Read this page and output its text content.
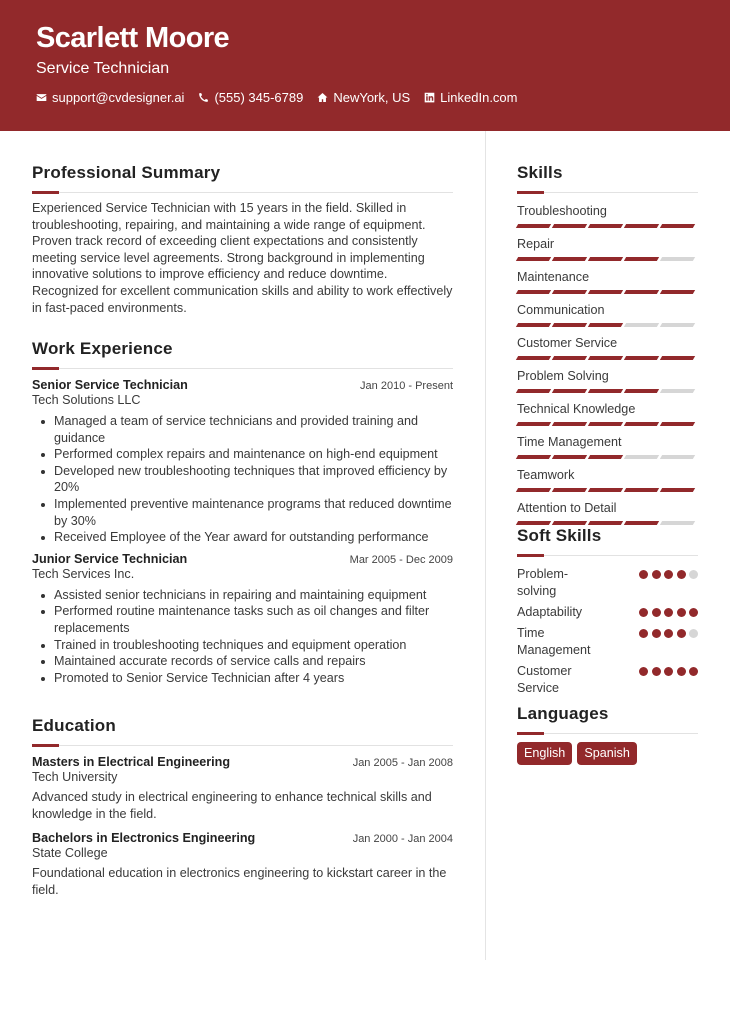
Scarlett Moore
Service Technician
support@cvdesigner.ai (555) 345-6789 NewYork, US LinkedIn.com
Professional Summary
Experienced Service Technician with 15 years in the field. Skilled in troubleshooting, repairing, and maintaining a wide range of equipment. Proven track record of exceeding client expectations and consistently meeting service level agreements. Strong background in implementing innovative solutions to improve efficiency and reduce downtime. Recognized for excellent communication skills and ability to work effectively in fast-paced environments.
Work Experience
Senior Service Technician	Jan 2010 - Present
Tech Solutions LLC
Managed a team of service technicians and provided training and guidance
Performed complex repairs and maintenance on high-end equipment
Developed new troubleshooting techniques that improved efficiency by 20%
Implemented preventive maintenance programs that reduced downtime by 30%
Received Employee of the Year award for outstanding performance
Junior Service Technician	Mar 2005 - Dec 2009
Tech Services Inc.
Assisted senior technicians in repairing and maintaining equipment
Performed routine maintenance tasks such as oil changes and filter replacements
Trained in troubleshooting techniques and equipment operation
Maintained accurate records of service calls and repairs
Promoted to Senior Service Technician after 4 years
Education
Masters in Electrical Engineering	Jan 2005 - Jan 2008
Tech University
Advanced study in electrical engineering to enhance technical skills and knowledge in the field.
Bachelors in Electronics Engineering	Jan 2000 - Jan 2004
State College
Foundational education in electronics engineering to kickstart career in the field.
Skills
Troubleshooting
Repair
Maintenance
Communication
Customer Service
Problem Solving
Technical Knowledge
Time Management
Teamwork
Attention to Detail
Soft Skills
Problem-solving
Adaptability
Time Management
Customer Service
Languages
English	Spanish
